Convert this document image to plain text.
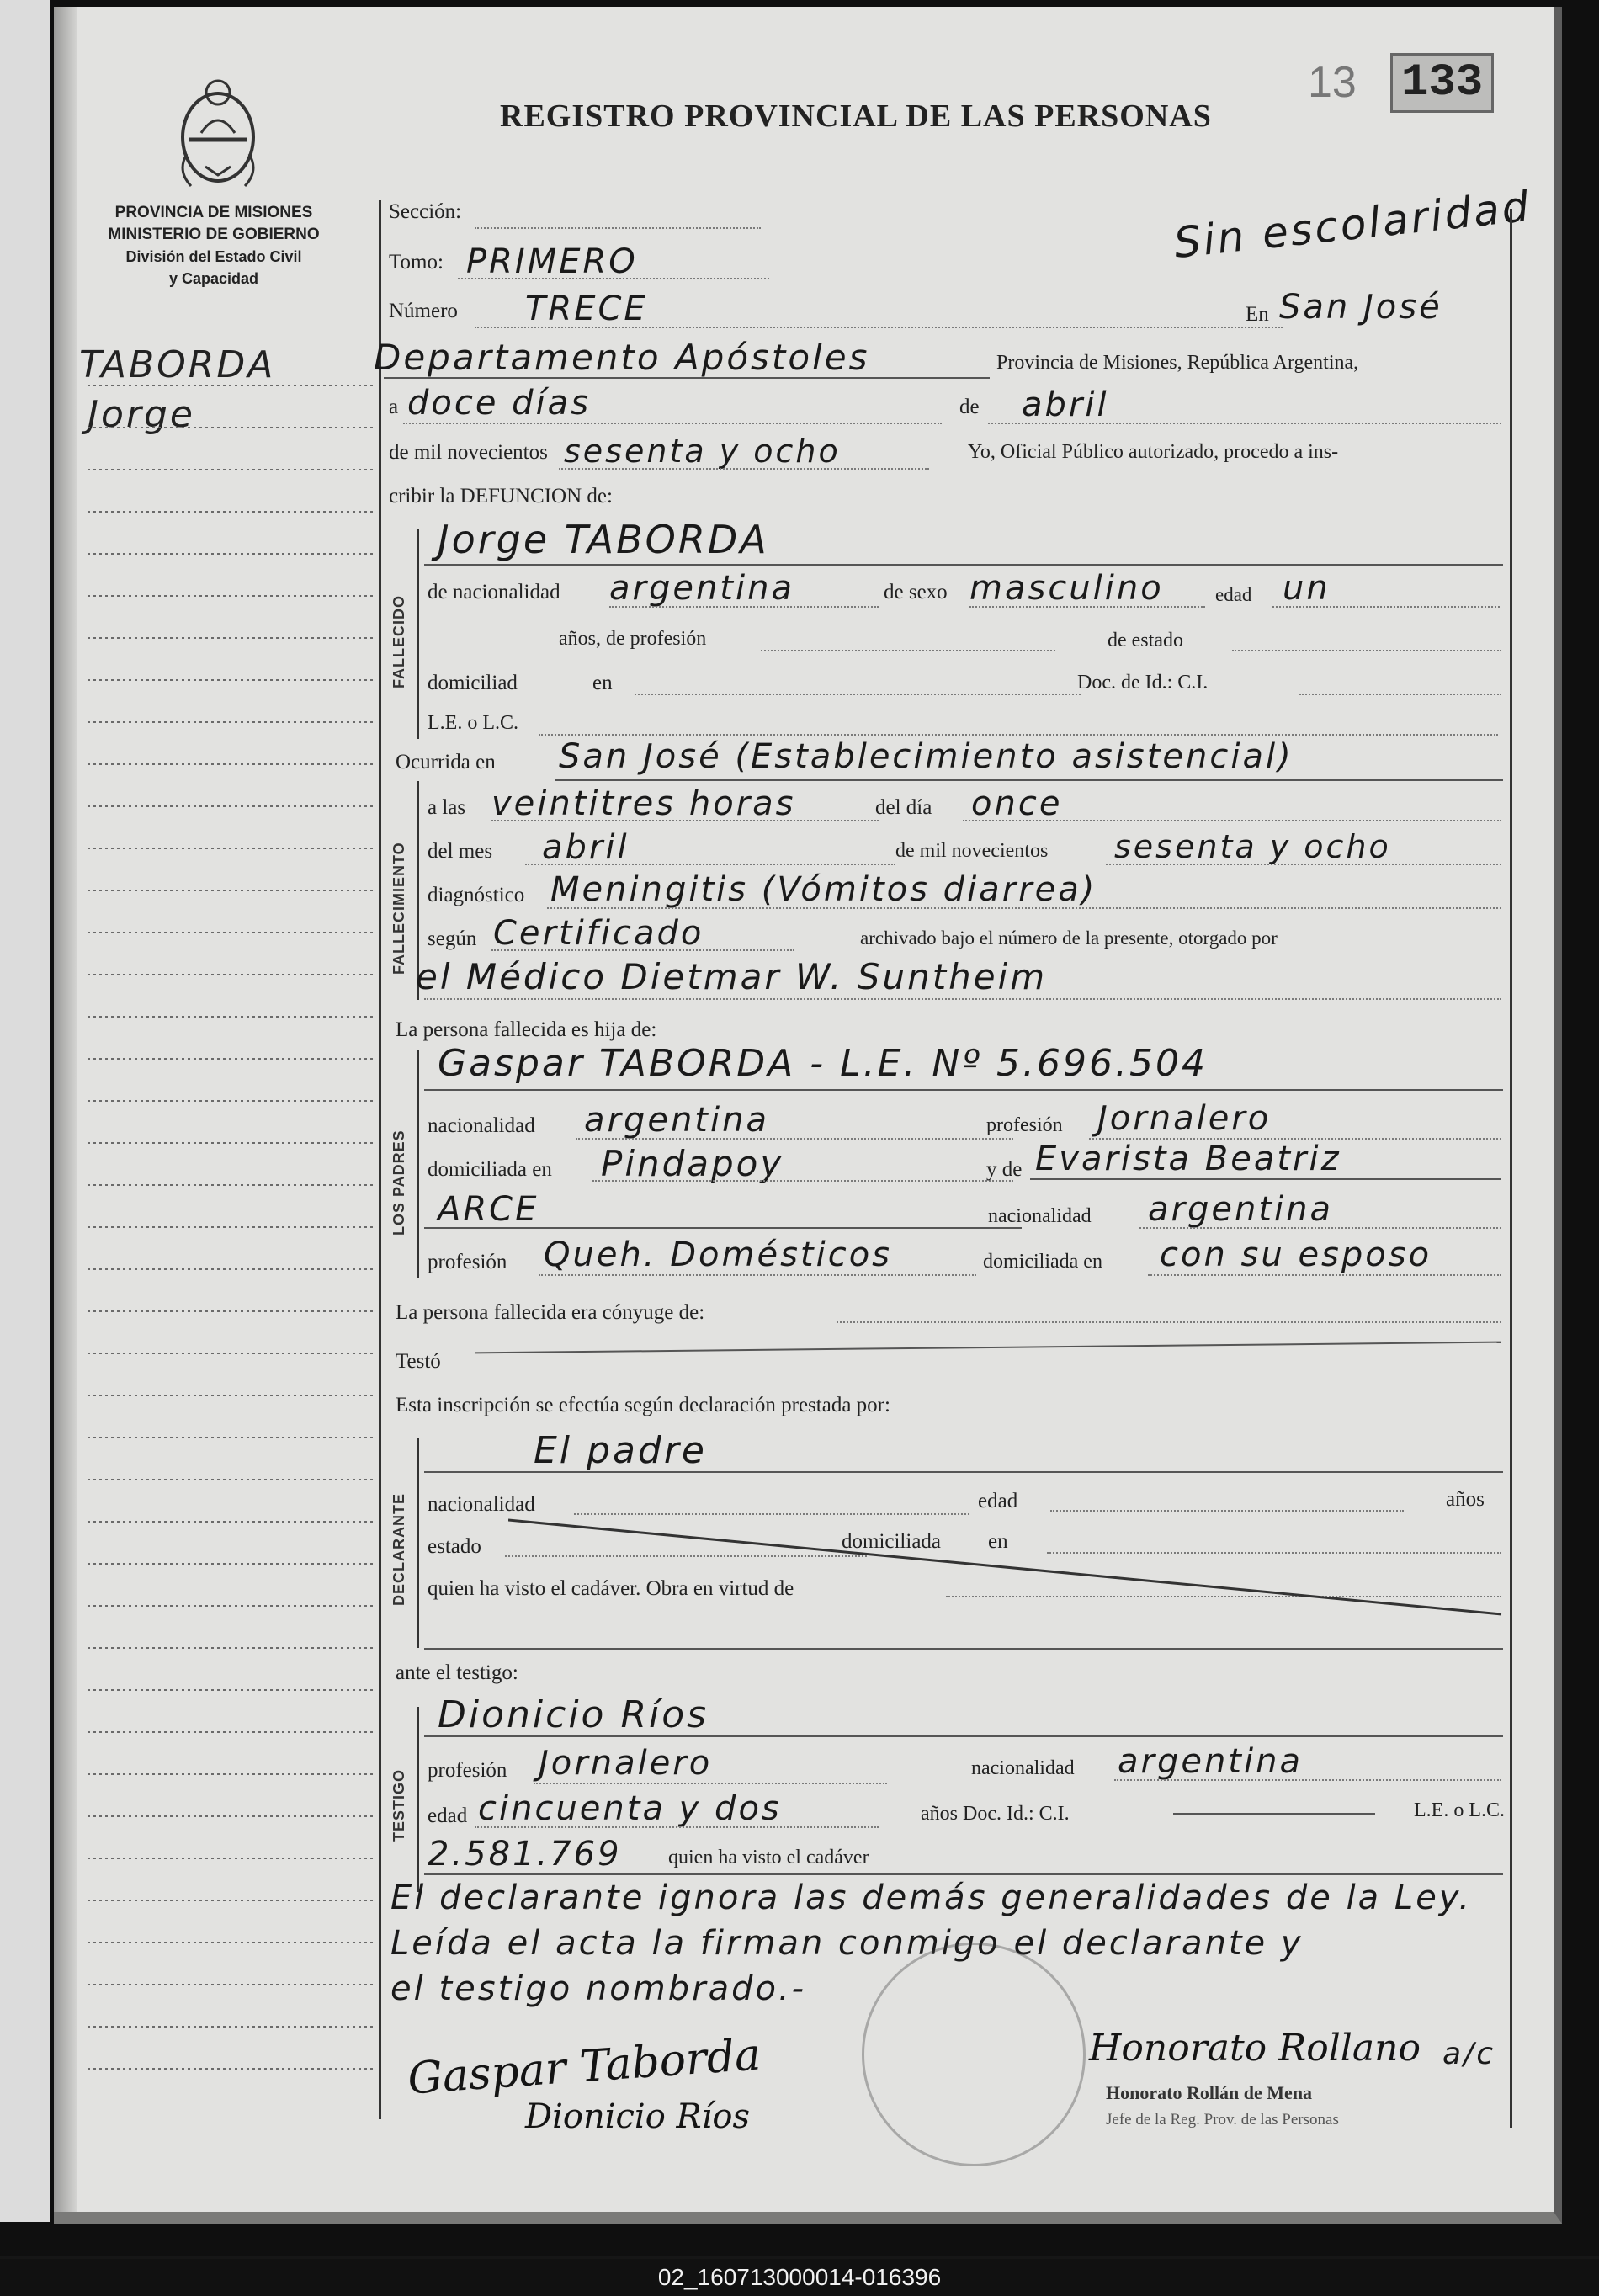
PROVINCIA DE MISIONES
MINISTERIO DE GOBIERNO
División del Estado Civil
y Capacidad
REGISTRO PROVINCIAL DE LAS PERSONAS
13 133
Sin escolaridad
TABORDA
Jorge
Sección:
Tomo: PRIMERO
Número TRECE	En San José
Departamento Apóstoles	Provincia de Misiones, República Argentina,
a doce días	de abril
de mil novecientos sesenta y ocho	Yo, Oficial Público autorizado, procedo a ins-
cribir la DEFUNCION de:
FALLECIDO
Jorge TABORDA
de nacionalidad argentina	de sexo masculino	edad un
años, de profesión	de estado
domiciliad	en	Doc. de Id.: C.I.
L.E. o L.C.
Ocurrida en San José (Establecimiento asistencial)
FALLECIMIENTO
a las veintitres horas	del día once
del mes abril	de mil novecientos sesenta y ocho
diagnóstico Meningitis (Vómitos diarrea)
según Certificado	archivado bajo el número de la presente, otorgado por
el Médico Dietmar W. Suntheim
La persona fallecida es hija de:
LOS PADRES
Gaspar TABORDA - L.E. Nº 5.696.504
nacionalidad argentina	profesión Jornalero
domiciliada en Pindapoy	y de Evarista Beatriz
ARCE	nacionalidad argentina
profesión Queh. Domésticos	domiciliada en con su esposo
La persona fallecida era cónyuge de:
Testó
Esta inscripción se efectúa según declaración prestada por:
DECLARANTE
El padre
nacionalidad	edad	años
estado	domiciliada en
quien ha visto el cadáver. Obra en virtud de
ante el testigo:
TESTIGO
Dionicio Ríos
profesión Jornalero	nacionalidad argentina
edad cincuenta y dos	años Doc. Id.: C.I.	L.E. o L.C.
2.581.769 quien ha visto el cadáver
El declarante ignora las demás generalidades de la Ley.
Leída el acta la firman conmigo el declarante y
el testigo nombrado.-
Gaspar Taborda
Dionicio Ríos
Honorato Rollano a/c
Honorato Rollán de Mena
Jefe de la Reg. Prov. de las Personas
02_160713000014-016396
